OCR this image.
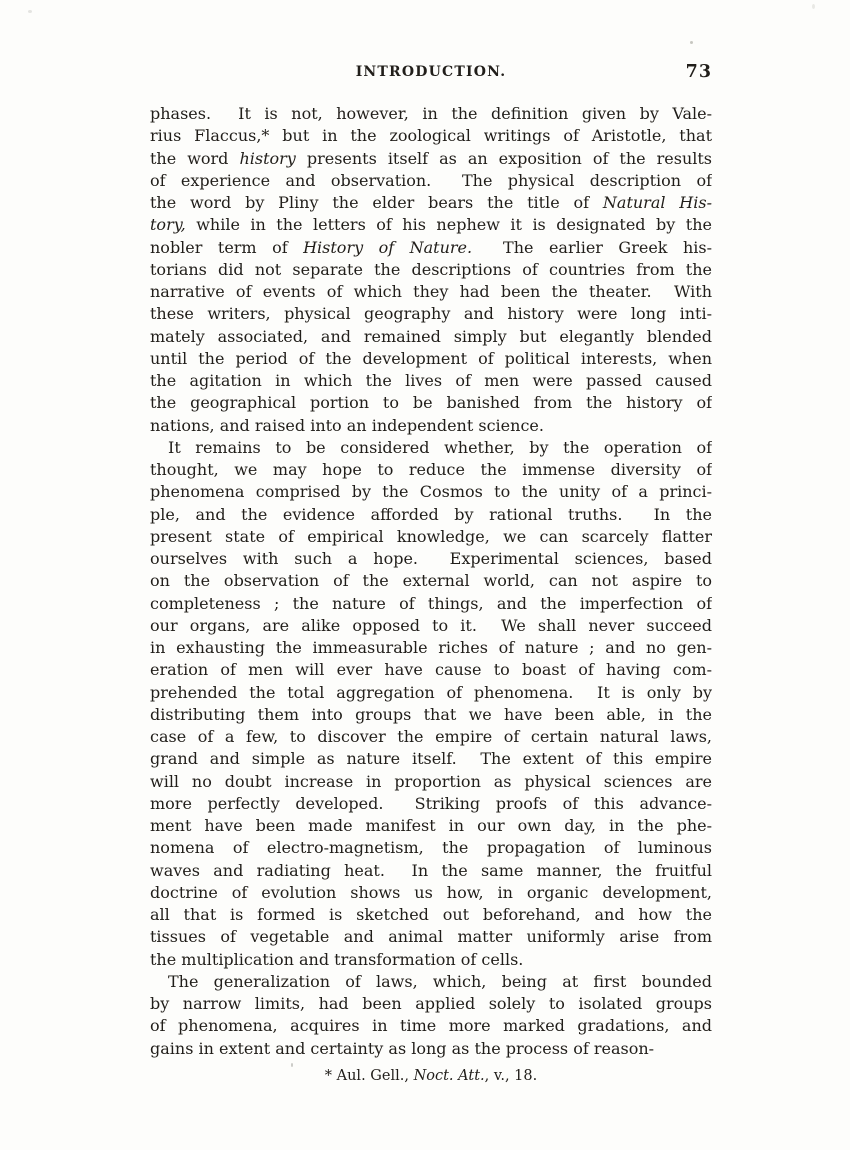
INTRODUCTION.	73
phases.  It is not, however, in the definition given by Vale-
rius Flaccus,* but in the zoological writings of Aristotle, that
the word history presents itself as an exposition of the results
of experience and observation.  The physical description of
the word by Pliny the elder bears the title of Natural His-
tory, while in the letters of his nephew it is designated by the
nobler term of History of Nature.  The earlier Greek his-
torians did not separate the descriptions of countries from the
narrative of events of which they had been the theater.  With
these writers, physical geography and history were long inti-
mately associated, and remained simply but elegantly blended
until the period of the development of political interests, when
the agitation in which the lives of men were passed caused
the geographical portion to be banished from the history of
nations, and raised into an independent science.
It remains to be considered whether, by the operation of
thought, we may hope to reduce the immense diversity of
phenomena comprised by the Cosmos to the unity of a princi-
ple, and the evidence afforded by rational truths.  In the
present state of empirical knowledge, we can scarcely flatter
ourselves with such a hope.  Experimental sciences, based
on the observation of the external world, can not aspire to
completeness ; the nature of things, and the imperfection of
our organs, are alike opposed to it.  We shall never succeed
in exhausting the immeasurable riches of nature ; and no gen-
eration of men will ever have cause to boast of having com-
prehended the total aggregation of phenomena.  It is only by
distributing them into groups that we have been able, in the
case of a few, to discover the empire of certain natural laws,
grand and simple as nature itself.  The extent of this empire
will no doubt increase in proportion as physical sciences are
more perfectly developed.  Striking proofs of this advance-
ment have been made manifest in our own day, in the phe-
nomena of electro-magnetism, the propagation of luminous
waves and radiating heat.  In the same manner, the fruitful
doctrine of evolution shows us how, in organic development,
all that is formed is sketched out beforehand, and how the
tissues of vegetable and animal matter uniformly arise from
the multiplication and transformation of cells.
The generalization of laws, which, being at first bounded
by narrow limits, had been applied solely to isolated groups
of phenomena, acquires in time more marked gradations, and
gains in extent and certainty as long as the process of reason-
* Aul. Gell., Noct. Att., v., 18.
